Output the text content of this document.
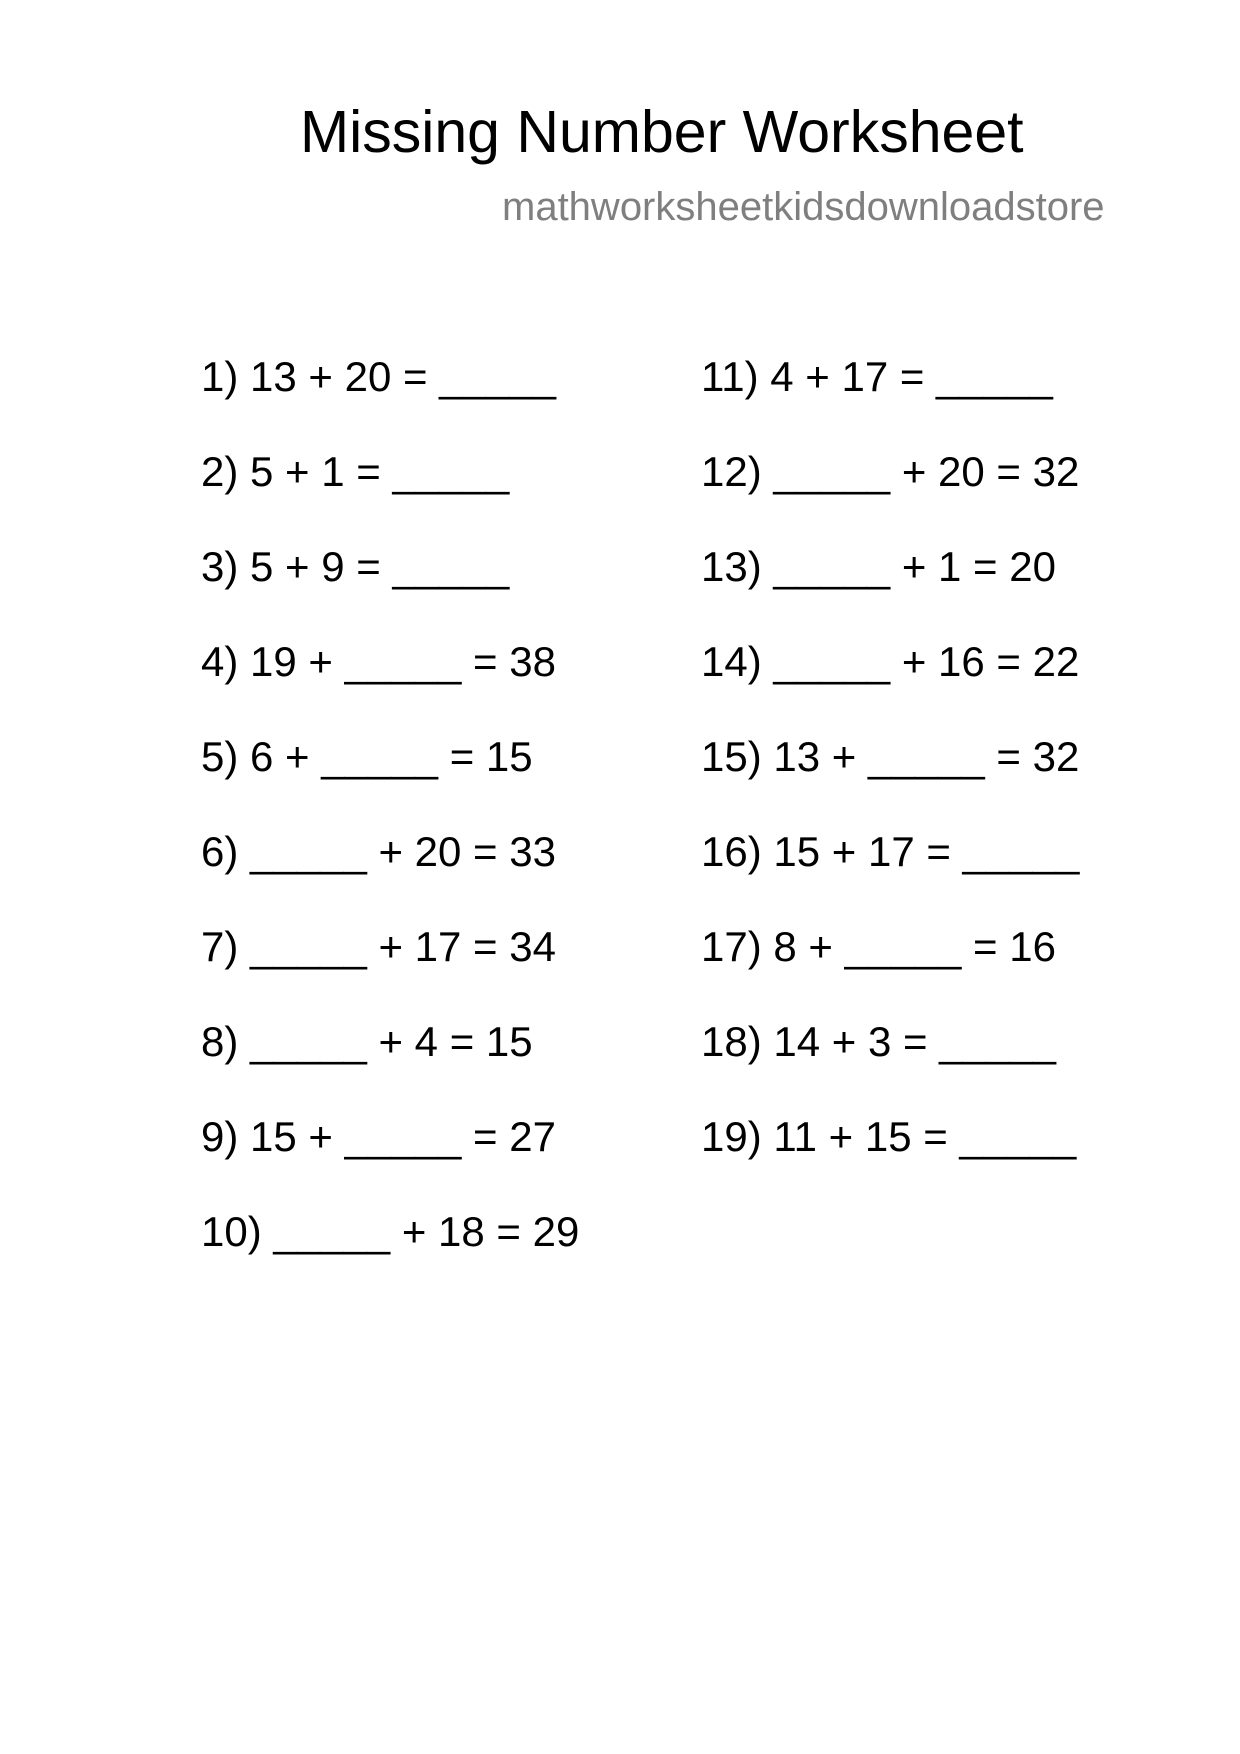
Missing Number Worksheet
mathworksheetkidsdownloadstore
1) 13 + 20 = _____
2) 5 + 1 = _____
3) 5 + 9 = _____
4) 19 + _____ = 38
5) 6 + _____ = 15
6) _____ + 20 = 33
7) _____ + 17 = 34
8) _____ + 4 = 15
9) 15 + _____ = 27
10) _____ + 18 = 29
11) 4 + 17 = _____
12) _____ + 20 = 32
13) _____ + 1 = 20
14) _____ + 16 = 22
15) 13 + _____ = 32
16) 15 + 17 = _____
17) 8 + _____ = 16
18) 14 + 3 = _____
19) 11 + 15 = _____
